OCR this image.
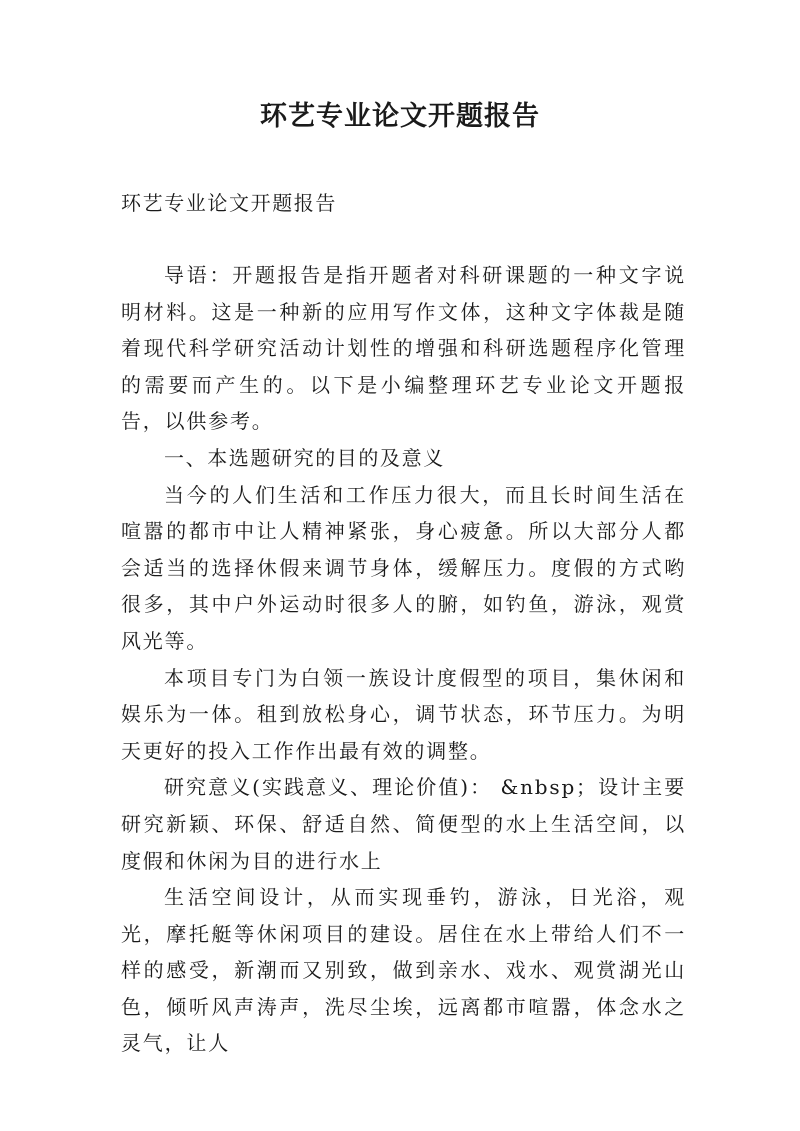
环艺专业论文开题报告

环艺专业论文开题报告

导语：开题报告是指开题者对科研课题的一种文字说明材料。这是一种新的应用写作文体，这种文字体裁是随着现代科学研究活动计划性的增强和科研选题程序化管理的需要而产生的。以下是小编整理环艺专业论文开题报告，以供参考。

一、本选题研究的目的及意义

当今的人们生活和工作压力很大，而且长时间生活在喧嚣的都市中让人精神紧张，身心疲惫。所以大部分人都会适当的选择休假来调节身体，缓解压力。度假的方式哟很多，其中户外运动时很多人的腑，如钓鱼，游泳，观赏风光等。

本项目专门为白领一族设计度假型的项目，集休闲和娱乐为一体。租到放松身心，调节状态，环节压力。为明天更好的投入工作作出最有效的调整。

研究意义(实践意义、理论价值)： &nbsp；设计主要研究新颖、环保、舒适自然、简便型的水上生活空间，以度假和休闲为目的进行水上

生活空间设计，从而实现垂钓，游泳，日光浴，观光，摩托艇等休闲项目的建设。居住在水上带给人们不一样的感受，新潮而又别致，做到亲水、戏水、观赏湖光山色，倾听风声涛声，洗尽尘埃，远离都市喧嚣，体念水之灵气，让人
